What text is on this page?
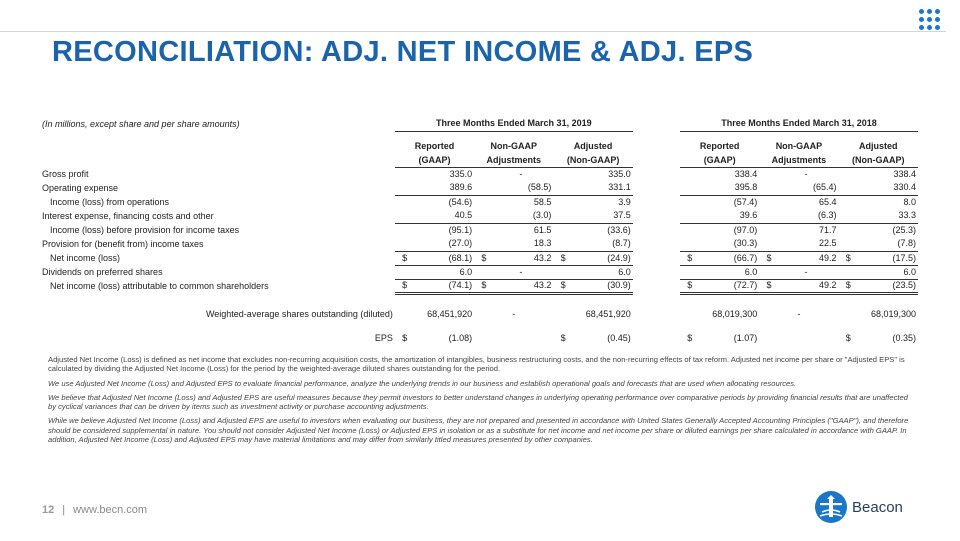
RECONCILIATION: ADJ. NET INCOME & ADJ. EPS
(In millions, except share and per share amounts)	Three Months Ended March 31, 2019							Three Months Ended March 31, 2018					

	Reported		Non-GAAP		Adjusted			Reported		Non-GAAP		Adjusted	
	(GAAP)		Adjustments		(Non-GAAP)			(GAAP)		Adjustments		(Non-GAAP)	
Gross profit		335.0		-		335.0			338.4		-		338.4
Operating expense		389.6		(58.5)		331.1			395.8		(65.4)		330.4
Income (loss) from operations		(54.6)		58.5		3.9			(57.4)		65.4		8.0
Interest expense, financing costs and other		40.5		(3.0)		37.5			39.6		(6.3)		33.3
Income (loss) before provision for income taxes		(95.1)		61.5		(33.6)			(97.0)		71.7		(25.3)
Provision for (benefit from) income taxes		(27.0)		18.3		(8.7)			(30.3)		22.5		(7.8)
Net income (loss)	$	(68.1)	$	43.2	$	(24.9)		$	(66.7)	$	49.2	$	(17.5)
Dividends on preferred shares		6.0		-		6.0			6.0		-		6.0
Net income (loss) attributable to common shareholders	$	(74.1)	$	43.2	$	(30.9)		$	(72.7)	$	49.2	$	(23.5)

Weighted-average shares outstanding (diluted)	68,451,920		-		68,451,920			68,019,300		-		68,019,300	

EPS	$	(1.08)			$	(0.45)		$	(1.07)			$	(0.35)

Adjusted Net Income (Loss) is defined as net income that excludes non-recurring acquisition costs, the amortization of intangibles, business restructuring costs, and the non-recurring effects of tax reform. Adjusted net income per share or "Adjusted EPS" is calculated by dividing the Adjusted Net Income (Loss) for the period by the weighted-average diluted shares outstanding for the period.

We use Adjusted Net Income (Loss) and Adjusted EPS to evaluate financial performance, analyze the underlying trends in our business and establish operational goals and forecasts that are used when allocating resources.

We believe that Adjusted Net Income (Loss) and Adjusted EPS are useful measures because they permit investors to better understand changes in underlying operating performance over comparative periods by providing financial results that are unaffected by cyclical variances that can be driven by items such as investment activity or purchase accounting adjustments.

While we believe Adjusted Net Income (Loss) and Adjusted EPS are useful to investors when evaluating our business, they are not prepared and presented in accordance with United States Generally Accepted Accounting Principles ("GAAP"), and therefore should be considered supplemental in nature. You should not consider Adjusted Net Income (Loss) or Adjusted EPS in isolation or as a substitute for net income and net income per share or diluted earnings per share calculated in accordance with GAAP. In addition, Adjusted Net Income (Loss) and Adjusted EPS may have material limitations and may differ from similarly titled measures presented by other companies.

12 | www.becn.com	Beacon
